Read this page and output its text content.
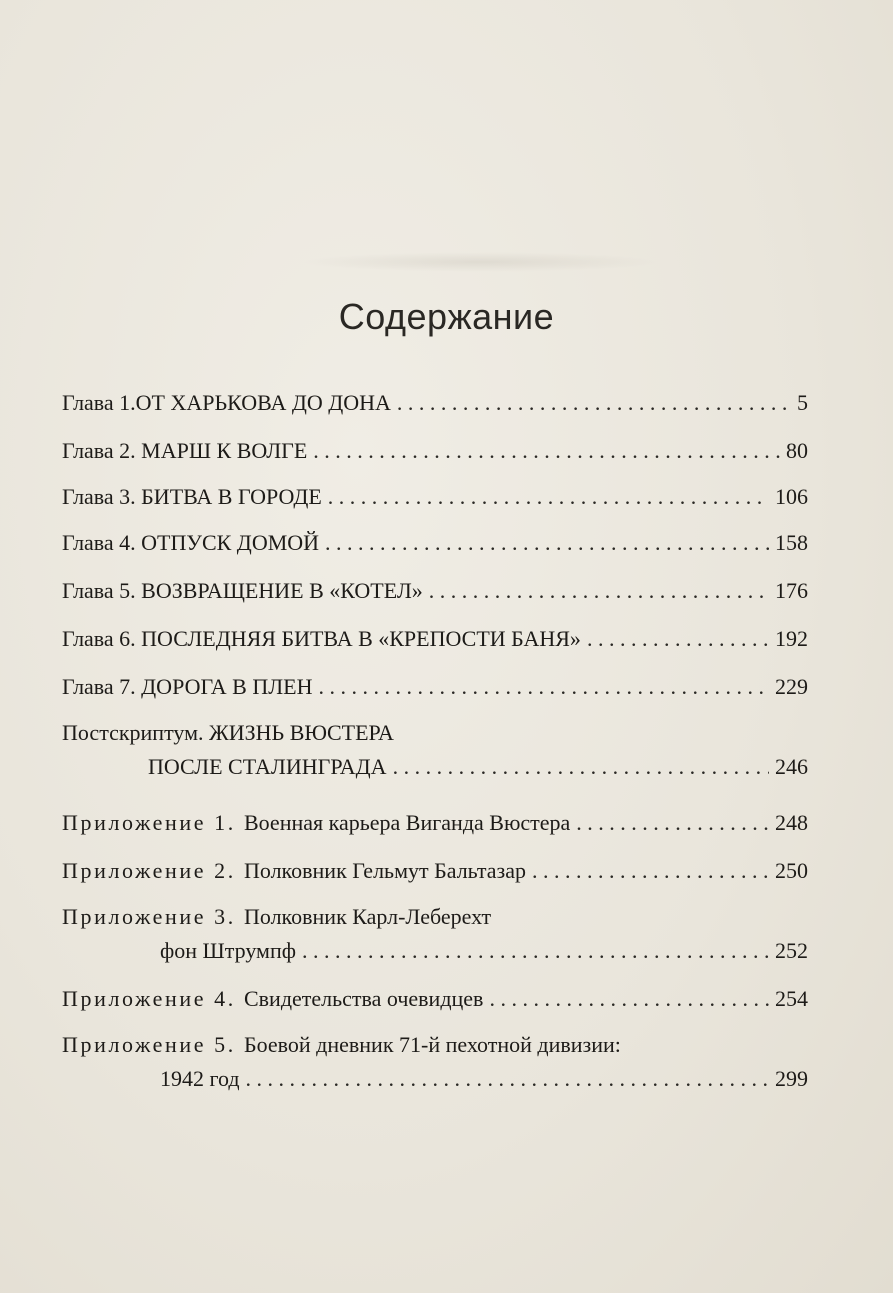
Содержание
Глава 1. ОТ ХАРЬКОВА ДО ДОНА . . .	5
Глава 2. МАРШ К ВОЛГЕ . . .	80
Глава 3. БИТВА В ГОРОДЕ . . .	106
Глава 4. ОТПУСК ДОМОЙ . . .	158
Глава 5. ВОЗВРАЩЕНИЕ В «КОТЕЛ» . . .	176
Глава 6. ПОСЛЕДНЯЯ БИТВА В «КРЕПОСТИ БАНЯ» . . .	192
Глава 7. ДОРОГА В ПЛЕН . . .	229
Постскриптум. ЖИЗНЬ ВЮСТЕРА
ПОСЛЕ СТАЛИНГРАДА . . .	246
Приложение 1. Военная карьера Виганда Вюстера . . .	248
Приложение 2. Полковник Гельмут Бальтазар . . .	250
Приложение 3. Полковник Карл-Леберехт
фон Штрумпф . . .	252
Приложение 4. Свидетельства очевидцев . . .	254
Приложение 5. Боевой дневник 71-й пехотной дивизии:
1942 год . . .	299
